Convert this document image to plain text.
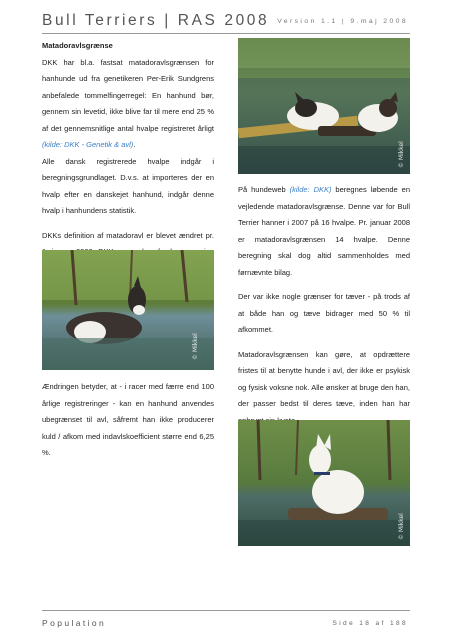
Bull Terriers | RAS 2008 Version 1.1 | 9.maj 2008

Matadoravlsgrænse

DKK har bl.a. fastsat matadoravlsgrænsen for hanhunde ud fra genetikeren Per-Erik Sundgrens anbefalede tommelfingerregel: En hanhund bør, gennem sin levetid, ikke blive far til mere end 25 % af det gennemsnitlige antal hvalpe registreret årligt (kilde: DKK - Genetik & avl).
Alle dansk registrerede hvalpe indgår i beregningsgrundlaget. D.v.s. at importeres der en hvalp efter en danskejet hanhund, indgår denne hvalp i hanhundens statistik.

DKKs definition af matadoravl er blevet ændret pr.

© Mikkel

Ændringen betyder, at - i racer med færre end 100 årlige registreringer - kan en hanhund anvendes ubegrænset til avl, såfremt han ikke producerer kuld / afkom med indavlskoefficient større end 6,25 %.

© Mikkel

På hundeweb (kilde: DKK) beregnes løbende en vejledende matadoravlsgrænse. Denne var for Bull Terrier hanner i 2007 på 16 hvalpe. Pr. januar 2008 er matadoravlsgrænsen 14 hvalpe. Denne beregning skal dog altid sammenholdes med førnævnte bilag.

Der var ikke nogle grænser for tæver - på trods af at både han og tæve bidrager med 50 % til afkommet.

Matadoravlsgrænsen kan gøre, at opdrættere fristes til at benytte hunde i avl, der ikke er psykisk og fysisk voksne nok. Alle ønsker at bruge den han, der passer bedst til deres tæve, inden han har

© Mikkel
Population	Side 18 af 188
